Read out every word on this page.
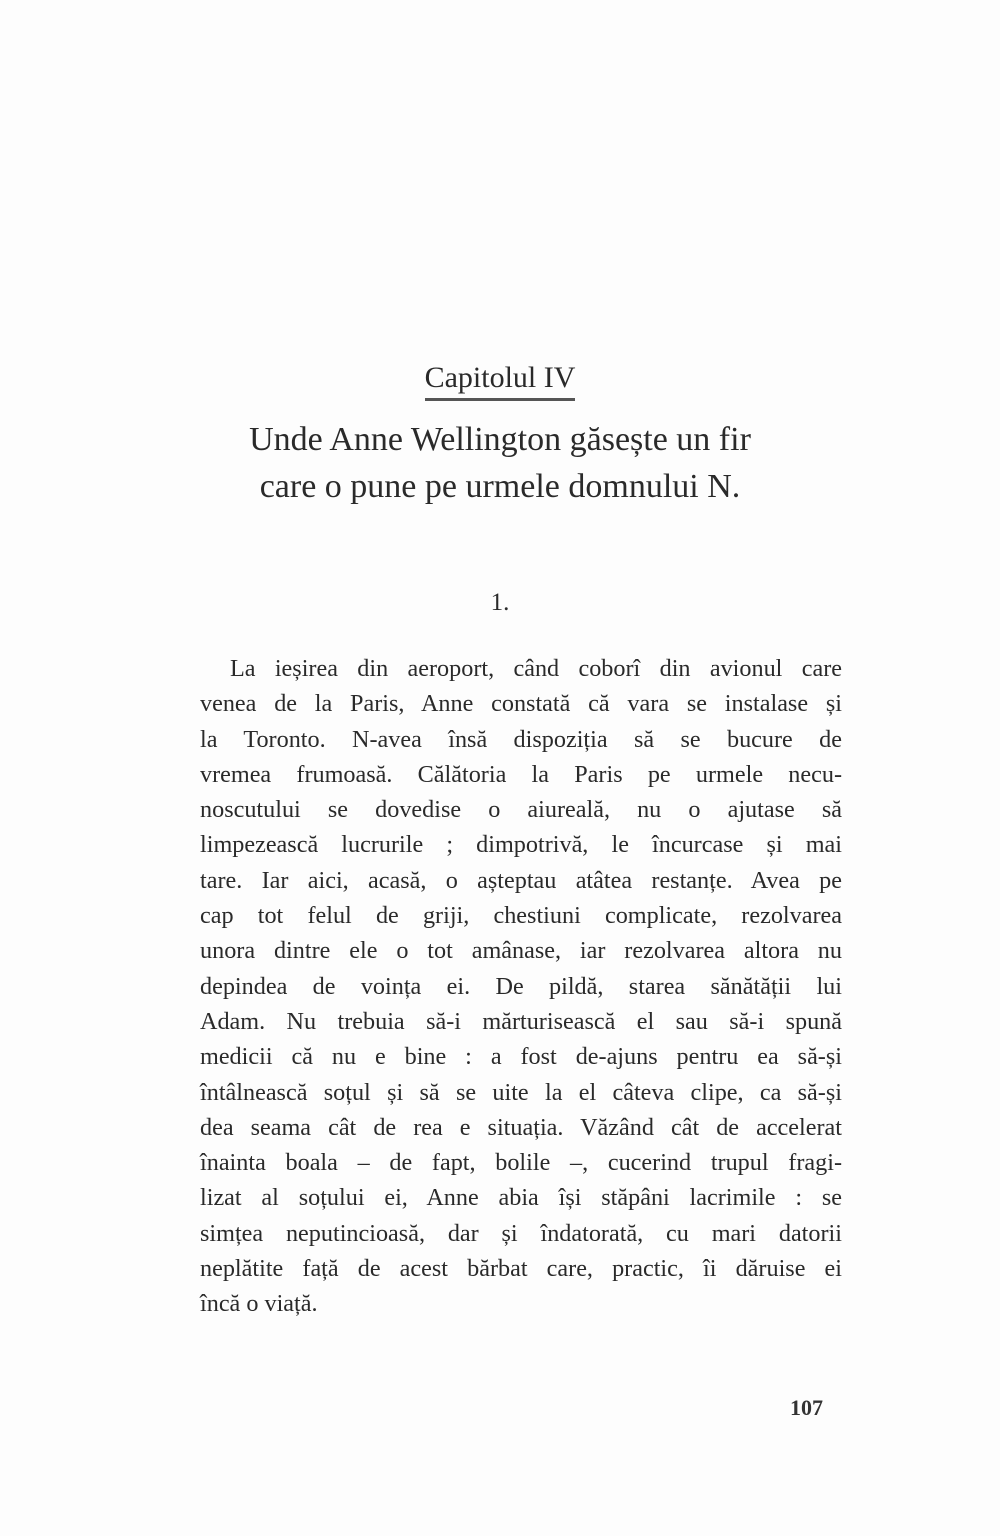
Capitolul IV
Unde Anne Wellington găsește un fir
care o pune pe urmele domnului N.
1.
La ieșirea din aeroport, când coborî din avionul care
venea de la Paris, Anne constată că vara se instalase și
la Toronto. N-avea însă dispoziția să se bucure de
vremea frumoasă. Călătoria la Paris pe urmele necu-
noscutului se dovedise o aiureală, nu o ajutase să
limpezească lucrurile ; dimpotrivă, le încurcase și mai
tare. Iar aici, acasă, o așteptau atâtea restanțe. Avea pe
cap tot felul de griji, chestiuni complicate, rezolvarea
unora dintre ele o tot amânase, iar rezolvarea altora nu
depindea de voința ei. De pildă, starea sănătății lui
Adam. Nu trebuia să-i mărturisească el sau să-i spună
medicii că nu e bine : a fost de-ajuns pentru ea să-și
întâlnească soțul și să se uite la el câteva clipe, ca să-și
dea seama cât de rea e situația. Văzând cât de accelerat
înainta boala – de fapt, bolile –, cucerind trupul fragi-
lizat al soțului ei, Anne abia își stăpâni lacrimile : se
simțea neputincioasă, dar și îndatorată, cu mari datorii
neplătite față de acest bărbat care, practic, îi dăruise ei
încă o viață.
107
